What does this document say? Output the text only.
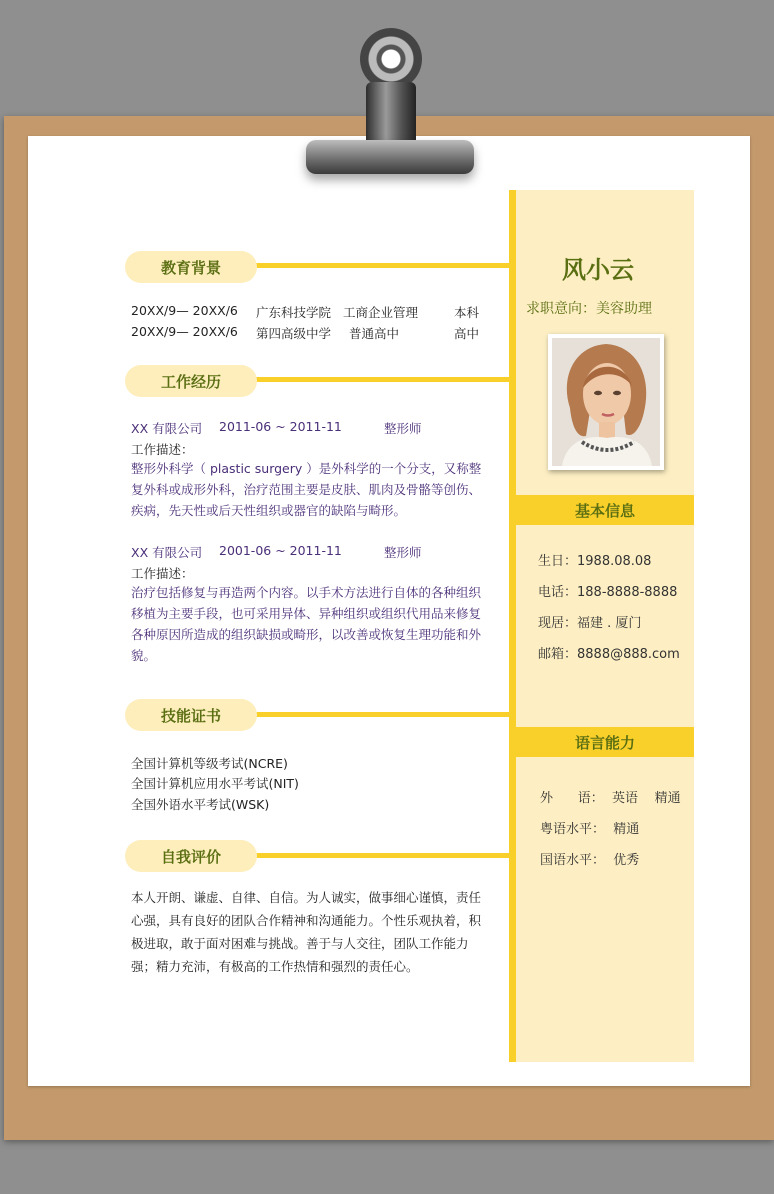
教育背景
20XX/9— 20XX/6 广东科技学院 工商企业管理	本科
20XX/9— 20XX/6 第四高级中学 普通高中	高中
工作经历
XX 有限公司 2011-06 ~ 2011-11	整形师
工作描述：
整形外科学（ plastic surgery ）是外科学的一个分支，又称整复外科或成形外科，治疗范围主要是皮肤、肌肉及骨骼等创伤、疾病，先天性或后天性组织或器官的缺陷与畸形。
XX 有限公司 2001-06 ~ 2011-11	整形师
工作描述：
治疗包括修复与再造两个内容。以手术方法进行自体的各种组织移植为主要手段，也可采用异体、异种组织或组织代用品来修复各种原因所造成的组织缺损或畸形，以改善或恢复生理功能和外貌。
技能证书
全国计算机等级考试(NCRE)
全国计算机应用水平考试(NIT)
全国外语水平考试(WSK)
自我评价
本人开朗、谦虚、自律、自信。为人诚实，做事细心谨慎，责任心强，具有良好的团队合作精神和沟通能力。个性乐观执着，积极进取，敢于面对困难与挑战。善于与人交往，团队工作能力强；精力充沛，有极高的工作热情和强烈的责任心。
风小云
求职意向：美容助理
基本信息
生日：1988.08.08
电话：188-8888-8888
现居：福建 . 厦门
邮箱：8888@888.com
语言能力
外      语：  英语    精通
粤语水平：  精通
国语水平：  优秀
